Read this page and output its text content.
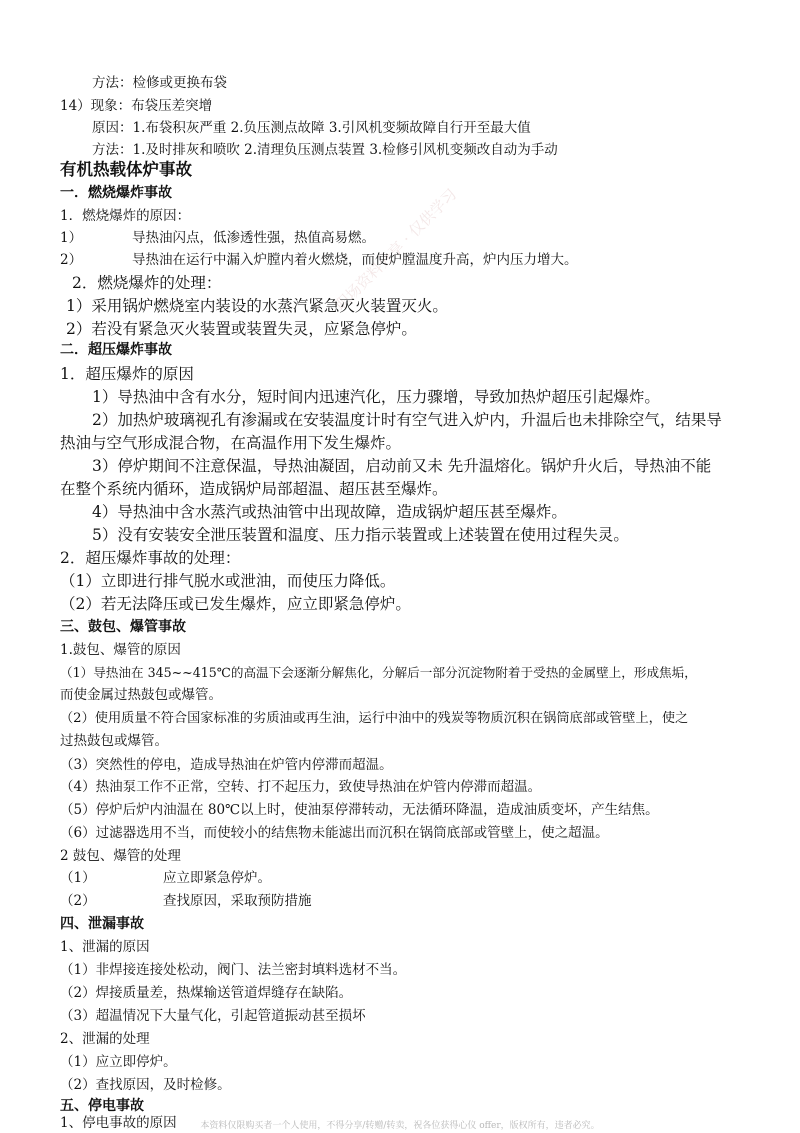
职场资料分享 · 仅供学习
方法：检修或更换布袋
14）现象：布袋压差突增
原因：1.布袋积灰严重 2.负压测点故障 3.引风机变频故障自行开至最大值
方法：1.及时排灰和喷吹 2.清理负压测点装置 3.检修引风机变频改自动为手动
有机热载体炉事故
一．燃烧爆炸事故
1．燃烧爆炸的原因：
1）	导热油闪点，低渗透性强，热值高易燃。
2）	导热油在运行中漏入炉膛内着火燃烧，而使炉膛温度升高，炉内压力增大。
2．燃烧爆炸的处理：
1）采用锅炉燃烧室内装设的水蒸汽紧急灭火装置灭火。
2）若没有紧急灭火装置或装置失灵，应紧急停炉。
二．超压爆炸事故
1．超压爆炸的原因
1）导热油中含有水分，短时间内迅速汽化，压力骤增，导致加热炉超压引起爆炸。
2）加热炉玻璃视孔有渗漏或在安装温度计时有空气进入炉内，升温后也未排除空气，结果导
热油与空气形成混合物，在高温作用下发生爆炸。
3）停炉期间不注意保温，导热油凝固，启动前又未 先升温熔化。锅炉升火后，导热油不能
在整个系统内循环，造成锅炉局部超温、超压甚至爆炸。
4）导热油中含水蒸汽或热油管中出现故障，造成锅炉超压甚至爆炸。
5）没有安装安全泄压装置和温度、压力指示装置或上述装置在使用过程失灵。
2．超压爆炸事故的处理：
（1）立即进行排气脱水或泄油，而使压力降低。
（2）若无法降压或已发生爆炸，应立即紧急停炉。
三、鼓包、爆管事故
1.鼓包、爆管的原因
（1）导热油在 345~~415℃的高温下会逐渐分解焦化，分解后一部分沉淀物附着于受热的金属壁上，形成焦垢，
而使金属过热鼓包或爆管。
（2）使用质量不符合国家标准的劣质油或再生油，运行中油中的残炭等物质沉积在锅筒底部或管壁上，使之
过热鼓包或爆管。
（3）突然性的停电，造成导热油在炉管内停滞而超温。
（4）热油泵工作不正常，空转、打不起压力，致使导热油在炉管内停滞而超温。
（5）停炉后炉内油温在 80℃以上时，使油泵停滞转动，无法循环降温，造成油质变坏，产生结焦。
（6）过滤器选用不当，而使较小的结焦物未能滤出而沉积在锅筒底部或管壁上，使之超温。
2 鼓包、爆管的处理
（1）	应立即紧急停炉。
（2）	查找原因，采取预防措施
四、泄漏事故
1、泄漏的原因
（1）非焊接连接处松动，阀门、法兰密封填料选材不当。
（2）焊接质量差，热煤输送管道焊缝存在缺陷。
（3）超温情况下大量气化，引起管道振动甚至损坏
2、泄漏的处理
（1）应立即停炉。
（2）查找原因，及时检修。
五、停电事故
1、停电事故的原因	本资料仅限购买者一个人使用，不得分享/转赠/转卖，祝各位获得心仪 offer，版权所有，违者必究。
